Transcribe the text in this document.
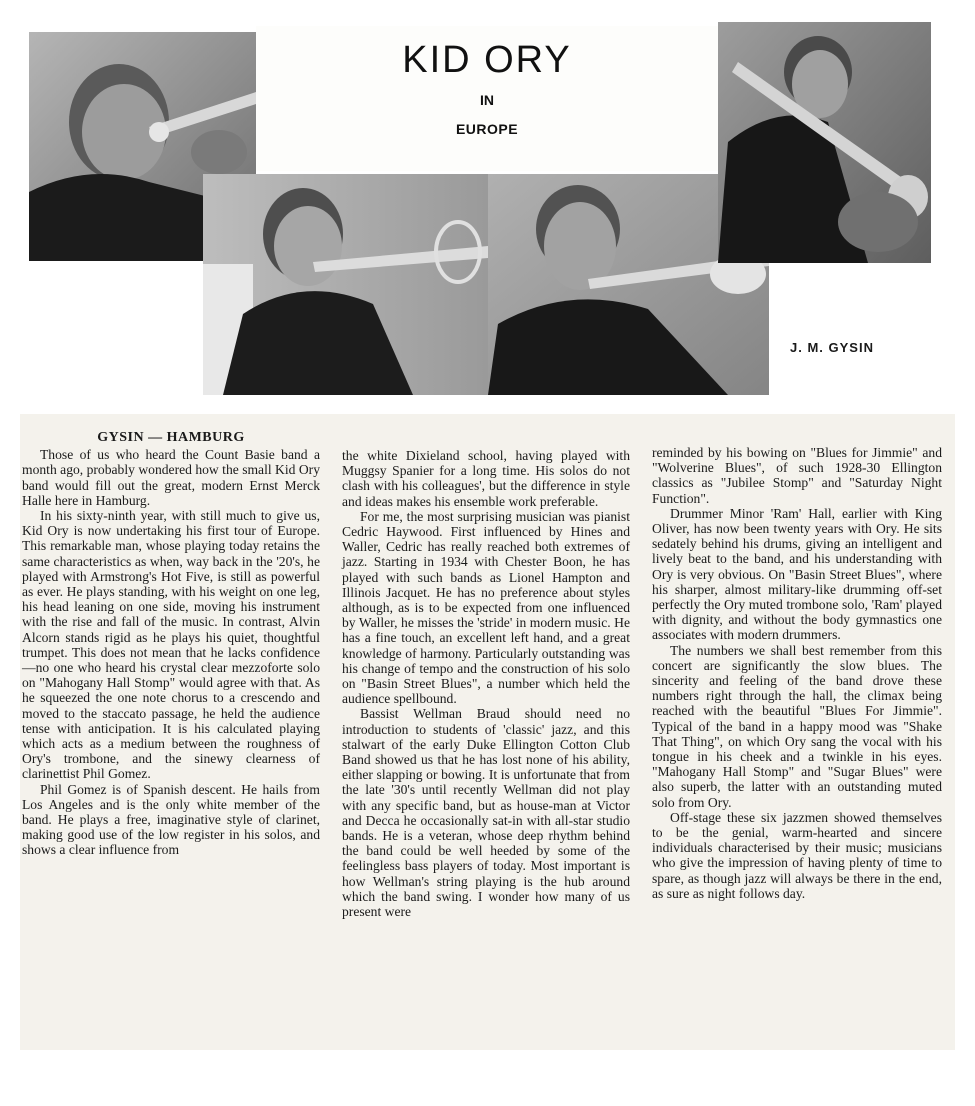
KID ORY
IN
EUROPE
J. M. GYSIN
GYSIN — HAMBURG

Those of us who heard the Count Basie band a month ago, probably wondered how the small Kid Ory band would fill out the great, modern Ernst Merck Halle here in Hamburg.

In his sixty-ninth year, with still much to give us, Kid Ory is now undertaking his first tour of Europe. This remarkable man, whose playing today retains the same characteristics as when, way back in the '20's, he played with Armstrong's Hot Five, is still as powerful as ever. He plays standing, with his weight on one leg, his head leaning on one side, moving his instrument with the rise and fall of the music. In contrast, Alvin Alcorn stands rigid as he plays his quiet, thoughtful trumpet. This does not mean that he lacks confidence—no one who heard his crystal clear mezzoforte solo on "Mahogany Hall Stomp" would agree with that. As he squeezed the one note chorus to a crescendo and moved to the staccato passage, he held the audience tense with anticipation. It is his calculated playing which acts as a medium between the roughness of Ory's trombone, and the sinewy clearness of clarinettist Phil Gomez.

Phil Gomez is of Spanish descent. He hails from Los Angeles and is the only white member of the band. He plays a free, imaginative style of clarinet, making good use of the low register in his solos, and shows a clear influence from

the white Dixieland school, having played with Muggsy Spanier for a long time. His solos do not clash with his colleagues', but the difference in style and ideas makes his ensemble work preferable.

For me, the most surprising musician was pianist Cedric Haywood. First influenced by Hines and Waller, Cedric has really reached both extremes of jazz. Starting in 1934 with Chester Boon, he has played with such bands as Lionel Hampton and Illinois Jacquet. He has no preference about styles although, as is to be expected from one influenced by Waller, he misses the 'stride' in modern music. He has a fine touch, an excellent left hand, and a great knowledge of harmony. Particularly outstanding was his change of tempo and the construction of his solo on "Basin Street Blues", a number which held the audience spellbound.

Bassist Wellman Braud should need no introduction to students of 'classic' jazz, and this stalwart of the early Duke Ellington Cotton Club Band showed us that he has lost none of his ability, either slapping or bowing. It is unfortunate that from the late '30's until recently Wellman did not play with any specific band, but as house-man at Victor and Decca he occasionally sat-in with all-star studio bands. He is a veteran, whose deep rhythm behind the band could be well heeded by some of the feelingless bass players of today. Most important is how Wellman's string playing is the hub around which the band swing. I wonder how many of us present were

reminded by his bowing on "Blues for Jimmie" and "Wolverine Blues", of such 1928-30 Ellington classics as "Jubilee Stomp" and "Saturday Night Function".

Drummer Minor 'Ram' Hall, earlier with King Oliver, has now been twenty years with Ory. He sits sedately behind his drums, giving an intelligent and lively beat to the band, and his understanding with Ory is very obvious. On "Basin Street Blues", where his sharper, almost military-like drumming off-set perfectly the Ory muted trombone solo, 'Ram' played with dignity, and without the body gymnastics one associates with modern drummers.

The numbers we shall best remember from this concert are significantly the slow blues. The sincerity and feeling of the band drove these numbers right through the hall, the climax being reached with the beautiful "Blues For Jimmie". Typical of the band in a happy mood was "Shake That Thing", on which Ory sang the vocal with his tongue in his cheek and a twinkle in his eyes. "Mahogany Hall Stomp" and "Sugar Blues" were also superb, the latter with an outstanding muted solo from Ory.

Off-stage these six jazzmen showed themselves to be the genial, warm-hearted and sincere individuals characterised by their music; musicians who give the impression of having plenty of time to spare, as though jazz will always be there in the end, as sure as night follows day.
